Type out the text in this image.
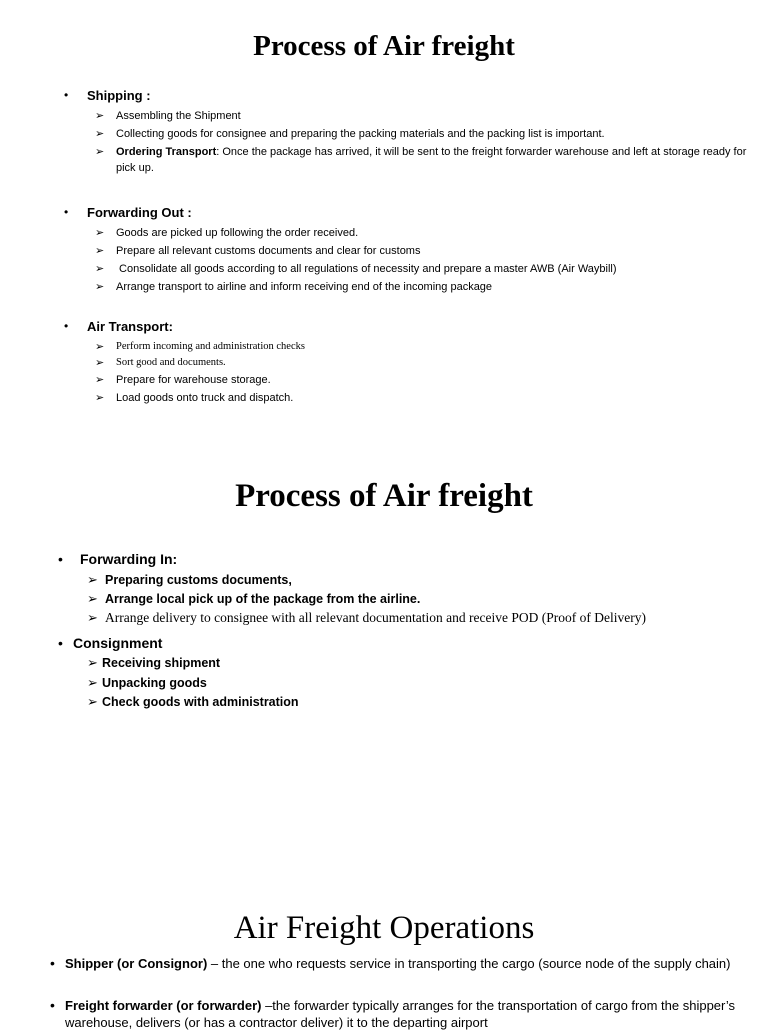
Process of Air freight
• Shipping :
➢ Assembling the Shipment
➢ Collecting goods for consignee and preparing the packing materials and the packing list is important.
➢ Ordering Transport: Once the package has arrived, it will be sent to the freight forwarder warehouse and left at storage ready for pick up.
• Forwarding Out :
➢ Goods are picked up following the order received.
➢ Prepare all relevant customs documents and clear for customs
➢ Consolidate all goods according to all regulations of necessity and prepare a master AWB (Air Waybill)
➢ Arrange transport to airline and inform receiving end of the incoming package
• Air Transport:
➢ Perform incoming and administration checks
➢ Sort good and documents.
➢ Prepare for warehouse storage.
➢ Load goods onto truck and dispatch.
Process of Air freight
• Forwarding In:
➢ Preparing customs documents,
➢ Arrange local pick up of the package from the airline.
➢ Arrange delivery to consignee with all relevant documentation and receive POD (Proof of Delivery)
• Consignment
➢ Receiving shipment
➢ Unpacking goods
➢ Check goods with administration
Air Freight Operations
• Shipper (or Consignor) – the one who requests service in transporting the cargo (source node of the supply chain)
• Freight forwarder (or forwarder) –the forwarder typically arranges for the transportation of cargo from the shipper’s warehouse, delivers (or has a contractor deliver) it to the departing airport
